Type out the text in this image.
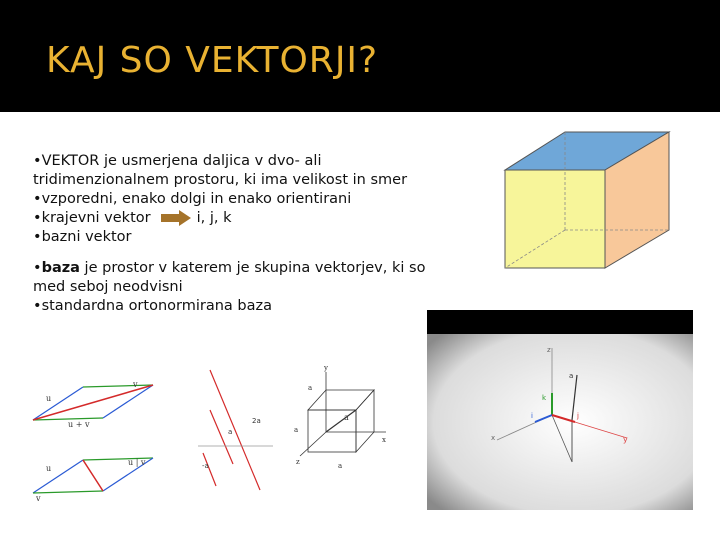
KAJ SO VEKTORJI?

•VEKTOR je usmerjena daljica v dvo- ali tridimenzionalnem prostoru, ki ima velikost in smer

•vzporedni, enako dolgi in enako orientirani

•krajevni vektor	i, j, k

•bazni vektor

•baza je prostor v katerem je skupina vektorjev, ki so med seboj neodvisni

•standardna ortonormirana baza

z
k
i	j
x	y
a
u
v
u + v
u
u | v
v
a
2a
-a
y
a
a
a
z	a
x
